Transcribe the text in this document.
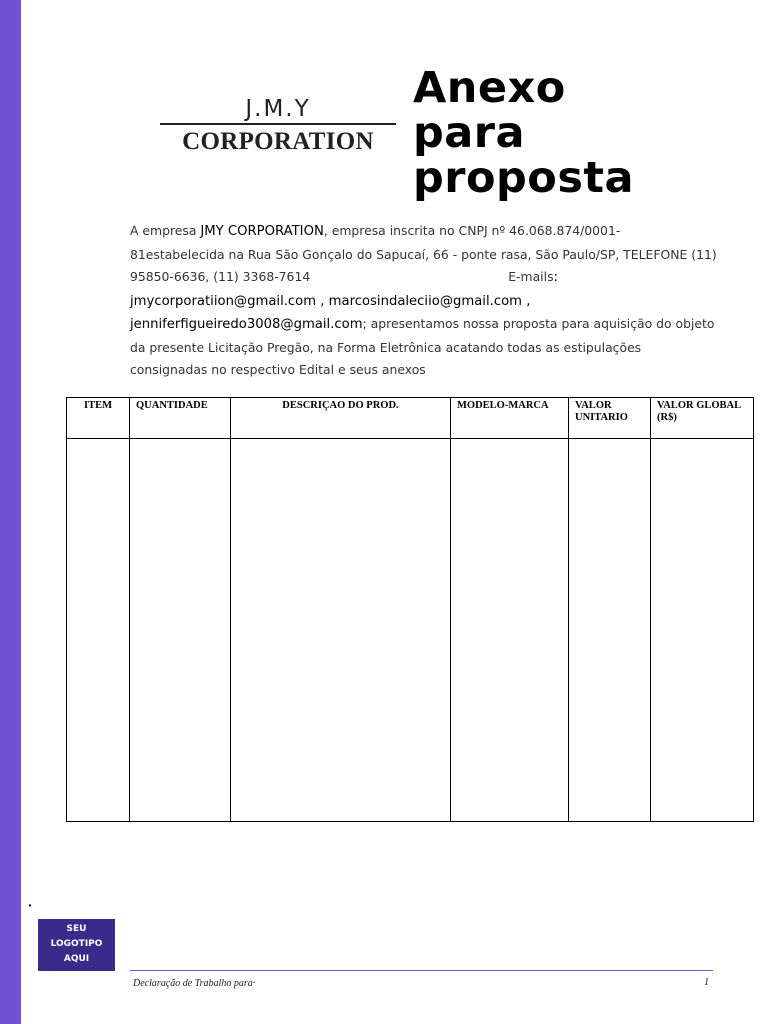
J.M.Y
CORPORATION
Anexo
para
proposta
A empresa JMY CORPORATION, empresa inscrita no CNPJ nº 46.068.874/0001-
81estabelecida na Rua São Gonçalo do Sapucaí, 66 - ponte rasa, São Paulo/SP, TELEFONE (11)
95850-6636, (11) 3368-7614	E-mails:
jmycorporatiion@gmail.com , marcosindaleciio@gmail.com ,
jenniferfigueiredo3008@gmail.com; apresentamos nossa proposta para aquisição do objeto
da presente Licitação Pregão, na Forma Eletrônica acatando todas as estipulações
consignadas no respectivo Edital e seus anexos
ITEM	QUANTIDADE	DESCRIÇAO DO PROD.	MODELO-MARCA	VALOR UNITARIO	VALOR GLOBAL (R$)

·
SEU
LOGOTIPO
AQUI
Declaração de Trabalho para·	1
